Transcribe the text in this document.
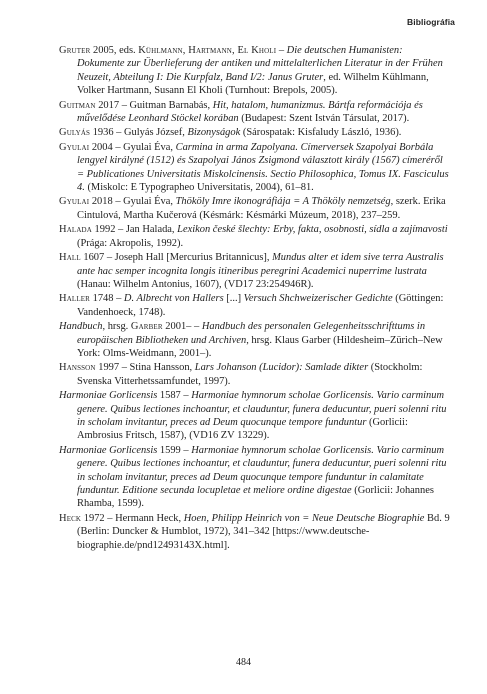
Bibliográfia

Gruter 2005, eds. Kühlmann, Hartmann, El Kholi – Die deutschen Humanisten: Dokumente zur Überlieferung der antiken und mittelalterlichen Literatur in der Frühen Neuzeit, Abteilung I: Die Kurpfalz, Band I/2: Janus Gruter, ed. Wilhelm Kühlmann, Volker Hartmann, Susann El Kholi (Turnhout: Brepols, 2005).

Guitman 2017 – Guitman Barnabás, Hit, hatalom, humanizmus. Bártfa reformációja és művelődése Leonhard Stöckel korában (Budapest: Szent István Társulat, 2017).

Gulyás 1936 – Gulyás József, Bizonyságok (Sárospatak: Kisfaludy László, 1936).

Gyulai 2004 – Gyulai Éva, Carmina in arma Zapolyana. Címerversek Szapolyai Borbála lengyel királyné (1512) és Szapolyai János Zsigmond választott király (1567) címeréről = Publicationes Universitatis Miskolcinensis. Sectio Philosophica, Tomus IX. Fasciculus 4. (Miskolc: E Typographeo Universitatis, 2004), 61–81.

Gyulai 2018 – Gyulai Éva, Thököly Imre ikonográfiája = A Thököly nemzetség, szerk. Erika Cintulová, Martha Kučerová (Késmárk: Késmárki Múzeum, 2018), 237–259.

Halada 1992 – Jan Halada, Lexikon české šlechty: Erby, fakta, osobnosti, sídla a zajímavosti (Prága: Akropolis, 1992).

Hall 1607 – Joseph Hall [Mercurius Britannicus], Mundus alter et idem sive terra Australis ante hac semper incognita longis itineribus peregrini Academici nuperrime lustrata (Hanau: Wilhelm Antonius, 1607), (VD17 23:254946R).

Haller 1748 – D. Albrecht von Hallers [...] Versuch Shchweizerischer Gedichte (Göttingen: Vandenhoeck, 1748).

Handbuch, hrsg. Garber 2001– – Handbuch des personalen Gelegenheitsschrifttums in europäischen Bibliotheken und Archiven, hrsg. Klaus Garber (Hildesheim–Zürich–New York: Olms-Weidmann, 2001–).

Hansson 1997 – Stina Hansson, Lars Johanson (Lucidor): Samlade dikter (Stockholm: Svenska Vitterhetssamfundet, 1997).

Harmoniae Gorlicensis 1587 – Harmoniae hymnorum scholae Gorlicensis. Vario carminum genere. Quibus lectiones inchoantur, et clauduntur, funera deducuntur, pueri solenni ritu in scholam invitantur, preces ad Deum quocunque tempore funduntur (Gorlicii: Ambrosius Fritsch, 1587), (VD16 ZV 13229).

Harmoniae Gorlicensis 1599 – Harmoniae hymnorum scholae Gorlicensis. Vario carminum genere. Quibus lectiones inchoantur, et clauduntur, funera deducuntur, pueri solenni ritu in scholam invitantur, preces ad Deum quocunque tempore funduntur in calamitate funduntur. Editione secunda locupletae et meliore ordine digestae (Gorlicii: Johannes Rhamba, 1599).

Heck 1972 – Hermann Heck, Hoen, Philipp Heinrich von = Neue Deutsche Biographie Bd. 9 (Berlin: Duncker & Humblot, 1972), 341–342 [https://www.deutsche-biographie.de/pnd12493143X.html].

484
